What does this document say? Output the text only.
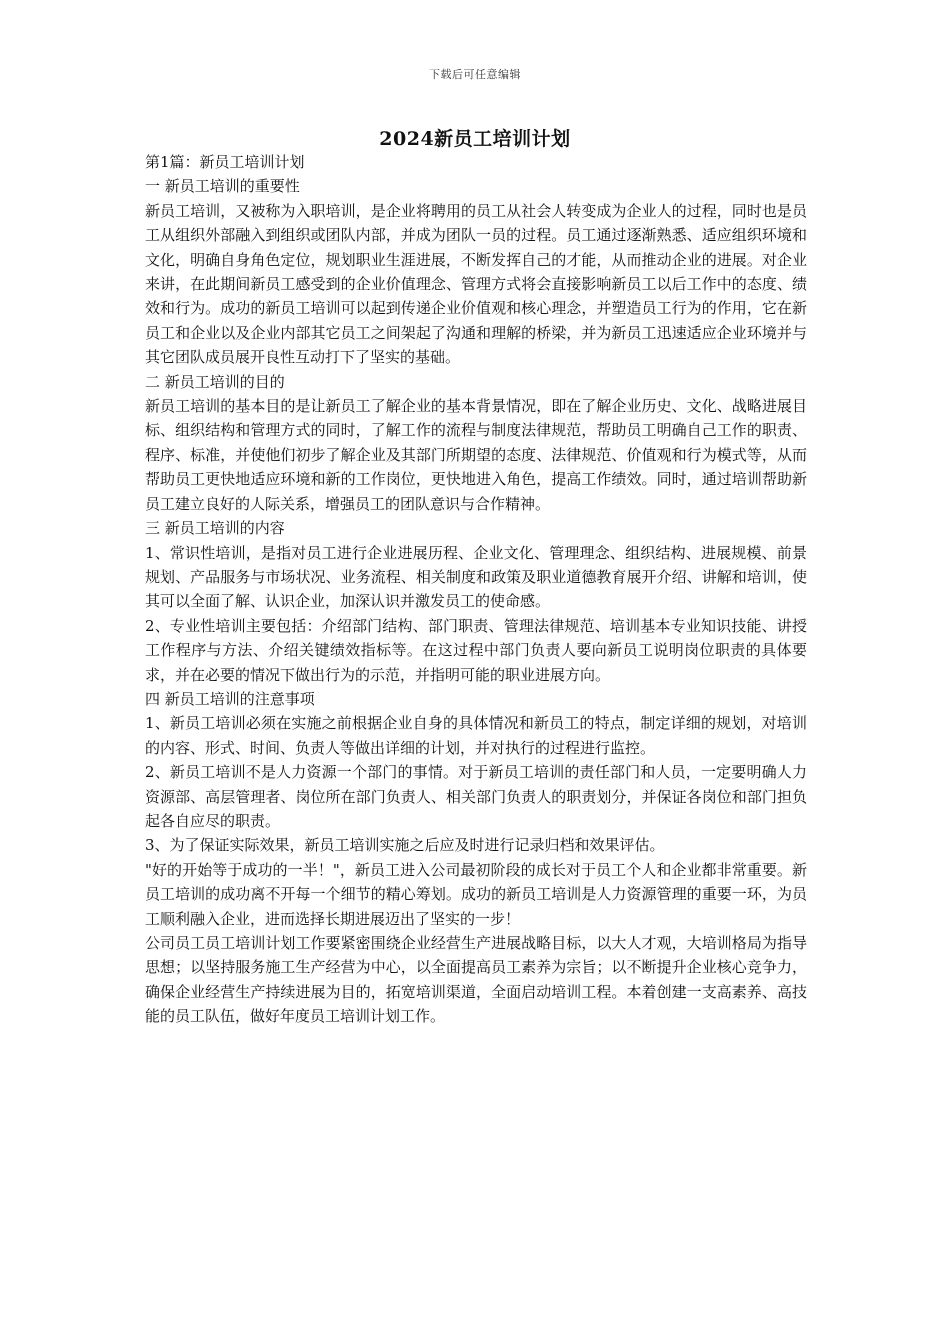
下载后可任意编辑
2024新员工培训计划
第1篇：新员工培训计划
一 新员工培训的重要性
新员工培训，又被称为入职培训，是企业将聘用的员工从社会人转变成为企业人的过程，同时也是员工从组织外部融入到组织或团队内部，并成为团队一员的过程。员工通过逐渐熟悉、适应组织环境和文化，明确自身角色定位，规划职业生涯进展，不断发挥自己的才能，从而推动企业的进展。对企业来讲，在此期间新员工感受到的企业价值理念、管理方式将会直接影响新员工以后工作中的态度、绩效和行为。成功的新员工培训可以起到传递企业价值观和核心理念，并塑造员工行为的作用，它在新员工和企业以及企业内部其它员工之间架起了沟通和理解的桥梁，并为新员工迅速适应企业环境并与其它团队成员展开良性互动打下了坚实的基础。
二 新员工培训的目的
新员工培训的基本目的是让新员工了解企业的基本背景情况，即在了解企业历史、文化、战略进展目标、组织结构和管理方式的同时，了解工作的流程与制度法律规范，帮助员工明确自己工作的职责、程序、标准，并使他们初步了解企业及其部门所期望的态度、法律规范、价值观和行为模式等，从而帮助员工更快地适应环境和新的工作岗位，更快地进入角色，提高工作绩效。同时，通过培训帮助新员工建立良好的人际关系，增强员工的团队意识与合作精神。
三 新员工培训的内容
1、常识性培训，是指对员工进行企业进展历程、企业文化、管理理念、组织结构、进展规模、前景规划、产品服务与市场状况、业务流程、相关制度和政策及职业道德教育展开介绍、讲解和培训，使其可以全面了解、认识企业，加深认识并激发员工的使命感。
2、专业性培训主要包括：介绍部门结构、部门职责、管理法律规范、培训基本专业知识技能、讲授工作程序与方法、介绍关键绩效指标等。在这过程中部门负责人要向新员工说明岗位职责的具体要求，并在必要的情况下做出行为的示范，并指明可能的职业进展方向。
四 新员工培训的注意事项
1、新员工培训必须在实施之前根据企业自身的具体情况和新员工的特点，制定详细的规划，对培训的内容、形式、时间、负责人等做出详细的计划，并对执行的过程进行监控。
2、新员工培训不是人力资源一个部门的事情。对于新员工培训的责任部门和人员，一定要明确人力资源部、高层管理者、岗位所在部门负责人、相关部门负责人的职责划分，并保证各岗位和部门担负起各自应尽的职责。
3、为了保证实际效果，新员工培训实施之后应及时进行记录归档和效果评估。
"好的开始等于成功的一半！"，新员工进入公司最初阶段的成长对于员工个人和企业都非常重要。新员工培训的成功离不开每一个细节的精心筹划。成功的新员工培训是人力资源管理的重要一环，为员工顺利融入企业，进而选择长期进展迈出了坚实的一步！
公司员工员工培训计划工作要紧密围绕企业经营生产进展战略目标，以大人才观，大培训格局为指导思想；以坚持服务施工生产经营为中心，以全面提高员工素养为宗旨；以不断提升企业核心竞争力，确保企业经营生产持续进展为目的，拓宽培训渠道，全面启动培训工程。本着创建一支高素养、高技能的员工队伍，做好年度员工培训计划工作。
